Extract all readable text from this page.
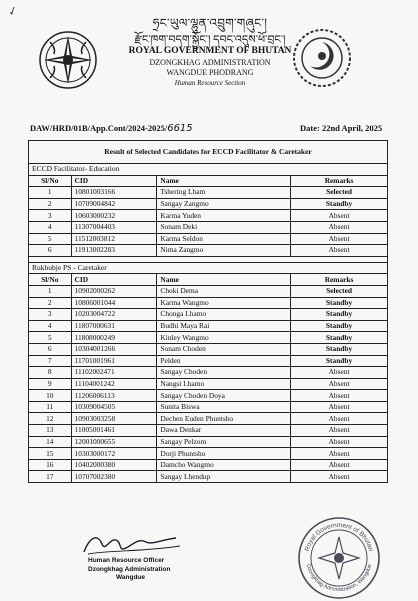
✓
ཧྲང་ཡུལ་ལྷུན་འབྲུག་གཞུང་།
རྫོང་ཁག་བདག་སྐྱོང་། དབང་འདུས་ཕོ་བྲང་།
ROYAL GOVERNMENT OF BHUTAN
DZONGKHAG ADMINISTRATION
WANGDUE PHODRANG
Human Resource Section
DAW/HRD/01B/App.Cont/2024-2025/6615	Date: 22nd April, 2025
Result of Selected Candidates for ECCD Facilitator & Caretaker			
ECCD Facilitator- Education			
Sl/No	CID	Name	Remarks
1	10801003166	Tshering Lham	Selected
2	10709004842	Sangay Zangmo	Standby
3	10603000232	Karma Yuden	Absent
4	11307004403	Sonam Deki	Absent
5	11512003812	Karma Seldon	Absent
6	11913002283	Nima Zangmo	Absent

Rukhubje PS - Caretaker			
Sl/No	CID	Name	Remarks
1	10902000262	Choki Dema	Selected
2	10806001044	Karma Wangmo	Standby
3	10203004722	Chonga Lhamo	Standby
4	11807000631	Budhi Maya Rai	Standby
5	11808000249	Kinley Wangmo	Standby
6	10304001266	Sonam Choden	Standby
7	11701001961	Pelden	Standby
8	11102002471	Sangay Choden	Absent
9	11104001242	Nangsi Lhamo	Absent
10	11206006113	Sangay Choden Doya	Absent
11	10309004505	Sunita Biswa	Absent
12	10903003258	Dechen Euden Phuntsho	Absent
13	11005001461	Dawa Denkar	Absent
14	12001000655	Sangay Pelzom	Absent
15	10303000172	Dorji Phuntsho	Absent
16	10402000380	Damcho Wangmo	Absent
17	10707002380	Sangay Lhendup	Absent
Human Resource Officer
Dzongkhag Administration
Wangdue
Royal Government of Bhutan
Dzongkhag Administration, Wangdue
